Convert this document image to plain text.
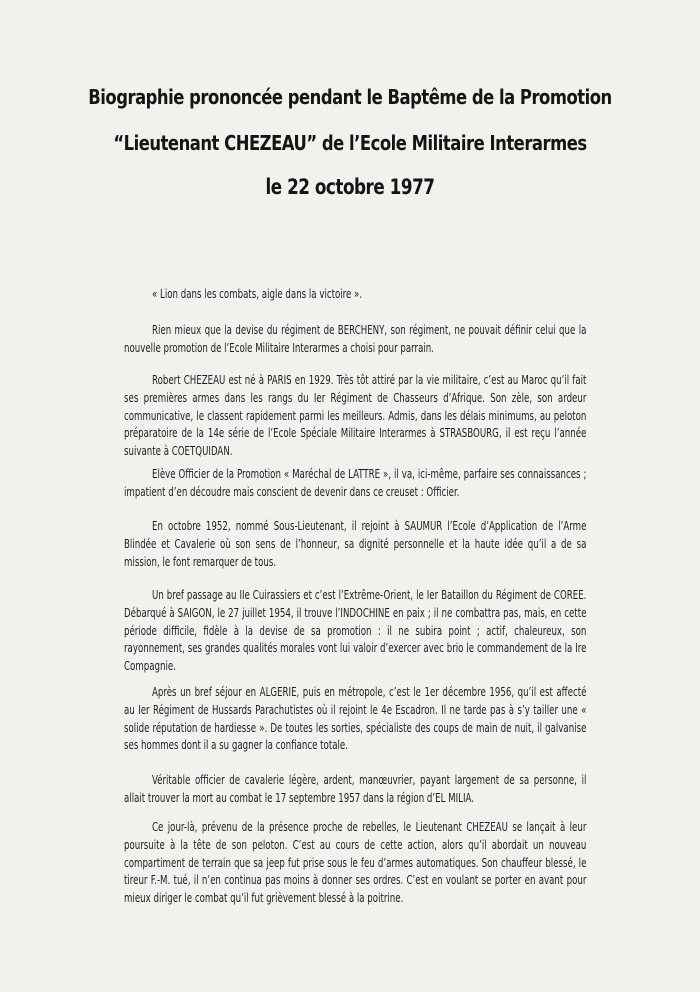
Biographie prononcée pendant le Baptême de la Promotion
“Lieutenant CHEZEAU” de l’Ecole Militaire Interarmes
le 22 octobre 1977

« Lion dans les combats, aigle dans la victoire ».

Rien mieux que la devise du régiment de BERCHENY, son régiment, ne pouvait définir celui que la nouvelle promotion de l’Ecole Militaire Interarmes a choisi pour parrain.

Robert CHEZEAU est né à PARIS en 1929. Très tôt attiré par la vie militaire, c’est au Maroc qu’il fait ses premières armes dans les rangs du Ier Régiment de Chasseurs d’Afrique. Son zèle, son ardeur communicative, le classent rapidement parmi les meilleurs. Admis, dans les délais minimums, au peloton préparatoire de la 14e série de l’Ecole Spéciale Militaire Interarmes à STRASBOURG, il est reçu l’année suivante à COETQUIDAN.

Elève Officier de la Promotion « Maréchal de LATTRE », il va, ici-même, parfaire ses connaissances ; impatient d’en découdre mais conscient de devenir dans ce creuset : Officier.

En octobre 1952, nommé Sous-Lieutenant, il rejoint à SAUMUR l’Ecole d’Application de l’Arme Blindée et Cavalerie où son sens de l’honneur, sa dignité personnelle et la haute idée qu’il a de sa mission, le font remarquer de tous.

Un bref passage au IIe Cuirassiers et c’est l’Extrême-Orient, le Ier Bataillon du Régiment de COREE. Débarqué à SAIGON, le 27 juillet 1954, il trouve l’INDOCHINE en paix ; il ne combattra pas, mais, en cette période difficile, fidèle à la devise de sa promotion : il ne subira point ; actif, chaleureux, son rayonnement, ses grandes qualités morales vont lui valoir d’exercer avec brio le commandement de la Ire Compagnie.

Après un bref séjour en ALGERIE, puis en métropole, c’est le 1er décembre 1956, qu’il est affecté au Ier Régiment de Hussards Parachutistes où il rejoint le 4e Escadron. Il ne tarde pas à s’y tailler une « solide réputation de hardiesse ». De toutes les sorties, spécialiste des coups de main de nuit, il galvanise ses hommes dont il a su gagner la confiance totale.

Véritable officier de cavalerie légère, ardent, manœuvrier, payant largement de sa personne, il allait trouver la mort au combat le 17 septembre 1957 dans la région d’EL MILIA.

Ce jour-là, prévenu de la présence proche de rebelles, le Lieutenant CHEZEAU se lançait à leur poursuite à la tête de son peloton. C’est au cours de cette action, alors qu’il abordait un nouveau compartiment de terrain que sa jeep fut prise sous le feu d’armes automatiques. Son chauffeur blessé, le tireur F.-M. tué, il n’en continua pas moins à donner ses ordres. C’est en voulant se porter en avant pour mieux diriger le combat qu’il fut grièvement blessé à la poitrine.
